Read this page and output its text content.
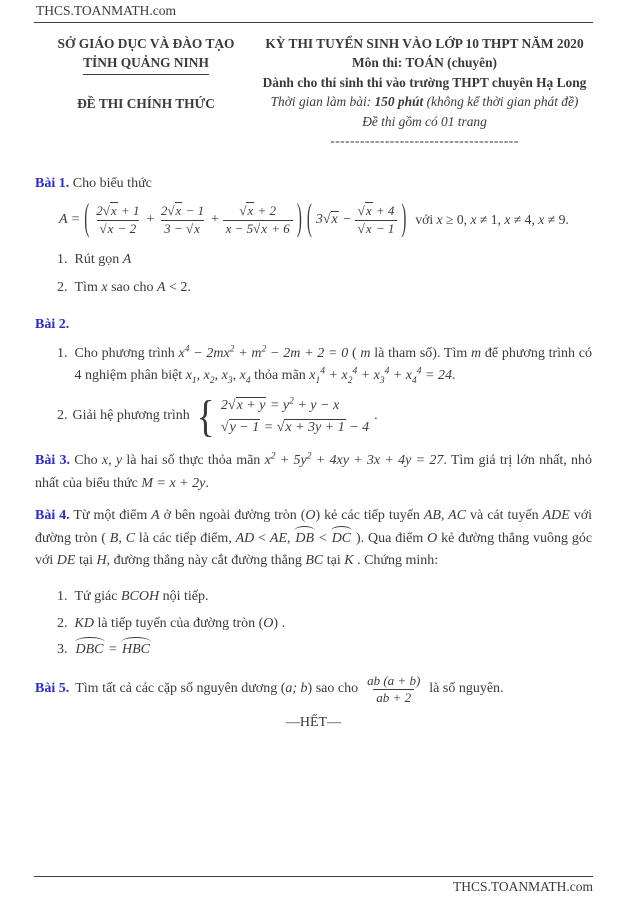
THCS.TOANMATH.com
SỞ GIÁO DỤC VÀ ĐÀO TẠO
TỈNH QUẢNG NINH
ĐỀ THI CHÍNH THỨC
KỲ THI TUYỂN SINH VÀO LỚP 10 THPT NĂM 2020
Môn thi: TOÁN (chuyên)
Dành cho thí sinh thi vào trường THPT chuyên Hạ Long
Thời gian làm bài: 150 phút (không kể thời gian phát đề)
Đề thi gồm có 01 trang
--------------------------------------

Bài 1. Cho biểu thức

A = ( $\frac{2√x + 1}{√x - 2} + \frac{2√x - 1}{3 - √x} + \frac{√x + 2}{x - 5√x + 6}$ ) ( $3√x - \frac{√x + 4}{√x - 1}$ ) với x ≥ 0, x ≠ 1, x ≠ 4, x ≠ 9.
1. Rút gọn A
2. Tìm x sao cho A < 2.

Bài 2.

1. Cho phương trình $x^4 - 2mx^2 + m^2 - 2m + 2 = 0$ ( m là tham số). Tìm m để phương trình có 4 nghiệm phân biệt $x_1$, $x_2$, $x_3$, $x_4$ thỏa mãn $x_1^4 + x_2^4 + x_3^4 + x_4^4 = 24$.
2. Giải hệ phương trình { $2√x + y = y^2 + y - x$
√y − 1 = √x + 3y + 1 − 4
.

Bài 3. Cho x, y là hai số thực thỏa mãn $x^2 + 5y^2 + 4xy + 3x + 4y = 27$. Tìm giá trị lớn nhất, nhỏ nhất của biểu thức M = x + 2y.

Bài 4. Từ một điểm A ở bên ngoài đường tròn (O) kẻ các tiếp tuyến AB, AC và cát tuyến ADE với đường tròn ( B, C là các tiếp điểm, AD < AE, DB < DC ). Qua điểm O kẻ đường thẳng vuông góc với DE tại H, đường thẳng này cắt đường thẳng BC tại K . Chứng minh:

1. Tứ giác BCOH nội tiếp.
2. KD là tiếp tuyến của đường tròn (O) .
3. DBC = HBC
Bài 5. Tìm tất cả các cặp số nguyên dương (a; b) sao cho $\frac{ab (a + b)}{ab + 2}$ là số nguyên.
—HẾT—
THCS.TOANMATH.com
